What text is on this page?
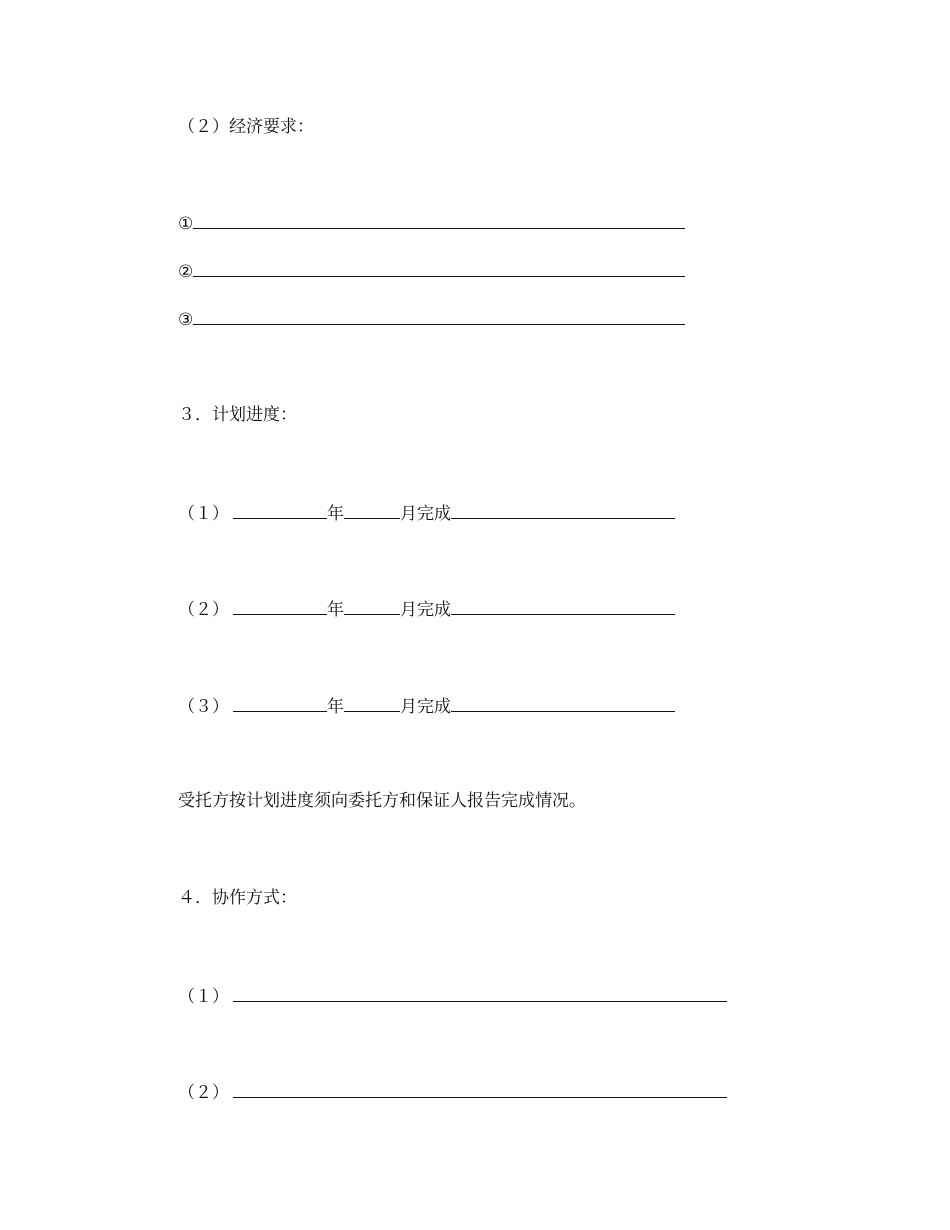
（２）经济要求：
①
②
③
３．计划进度：
（１）	年	月完成
（２）	年	月完成
（３）	年	月完成
受托方按计划进度须向委托方和保证人报告完成情况。
４．协作方式：
（１）
（２）
